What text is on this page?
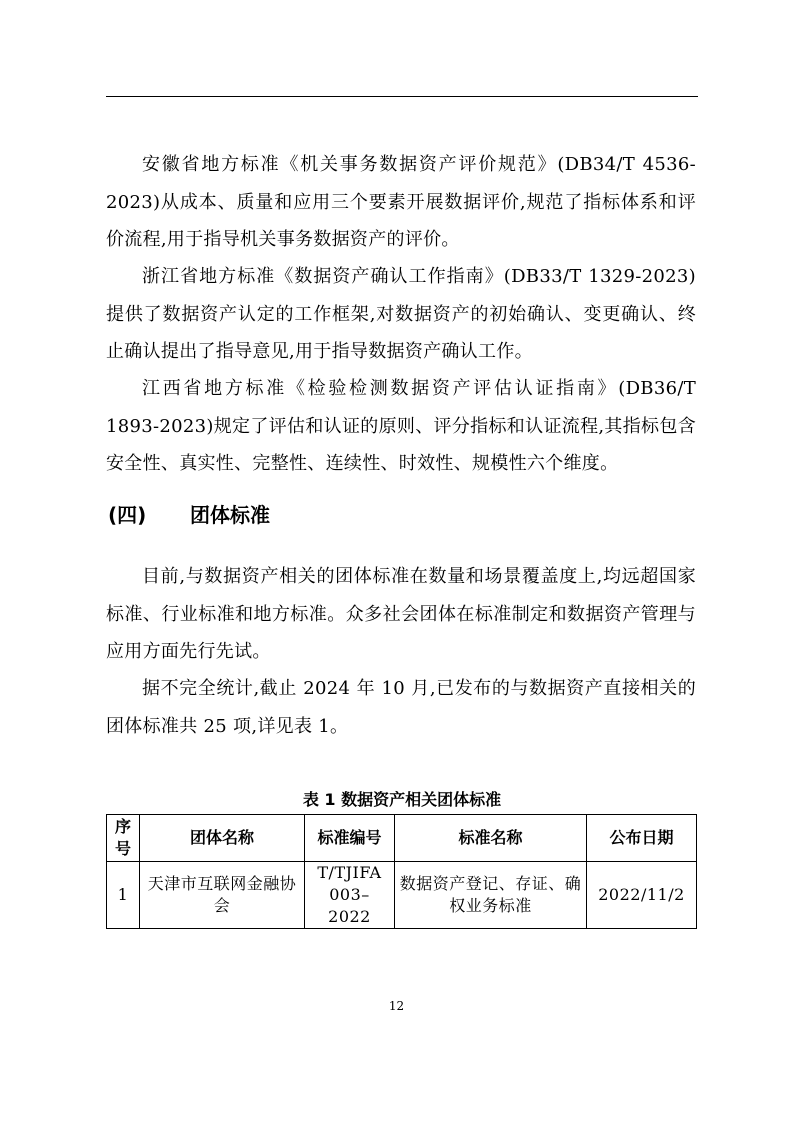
安徽省地方标准《机关事务数据资产评价规范》(DB34/T 4536-2023)从成本、质量和应用三个要素开展数据评价,规范了指标体系和评价流程,用于指导机关事务数据资产的评价。

浙江省地方标准《数据资产确认工作指南》(DB33/T 1329-2023)提供了数据资产认定的工作框架,对数据资产的初始确认、变更确认、终止确认提出了指导意见,用于指导数据资产确认工作。

江西省地方标准《检验检测数据资产评估认证指南》(DB36/T 1893-2023)规定了评估和认证的原则、评分指标和认证流程,其指标包含安全性、真实性、完整性、连续性、时效性、规模性六个维度。

(四) 团体标准

目前,与数据资产相关的团体标准在数量和场景覆盖度上,均远超国家标准、行业标准和地方标准。众多社会团体在标准制定和数据资产管理与应用方面先行先试。

据不完全统计,截止 2024 年 10 月,已发布的与数据资产直接相关的团体标准共 25 项,详见表 1。

表 1 数据资产相关团体标准
序号	团体名称	标准编号	标准名称	公布日期
1	天津市互联网金融协会	T/TJIFA 003–2022	数据资产登记、存证、确权业务标准	2022/11/2
12
